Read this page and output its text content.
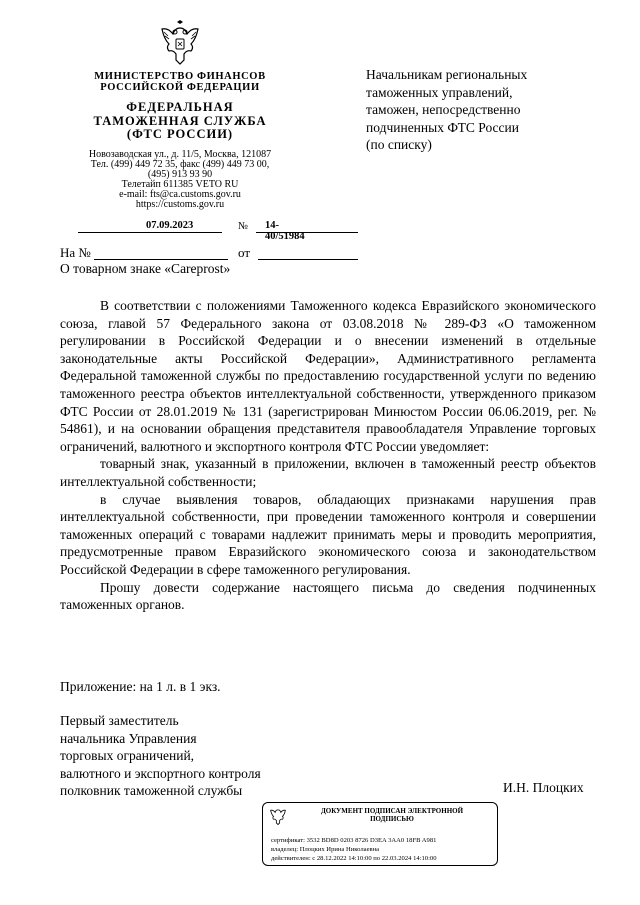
МИНИСТЕРСТВО ФИНАНСОВ
РОССИЙСКОЙ ФЕДЕРАЦИИ
ФЕДЕРАЛЬНАЯ
ТАМОЖЕННАЯ СЛУЖБА
(ФТС РОССИИ)
Новозаводская ул., д. 11/5, Москва, 121087
Тел. (499) 449 72 35, факс (499) 449 73 00,
(495) 913 93 90
Телетайп 611385 VETO RU
e-mail: fts@ca.customs.gov.ru
https://customs.gov.ru
07.09.2023	№ 14-40/51984
На №	от
О товарном знаке «Careprost»
Начальникам региональных
таможенных управлений,
таможен, непосредственно
подчиненных ФТС России
(по списку)

В соответствии с положениями Таможенного кодекса Евразийского экономического союза, главой 57 Федерального закона от 03.08.2018 № 289-ФЗ «О таможенном регулировании в Российской Федерации и о внесении изменений в отдельные законодательные акты Российской Федерации», Административного регламента Федеральной таможенной службы по предоставлению государственной услуги по ведению таможенного реестра объектов интеллектуальной собственности, утвержденного приказом ФТС России от 28.01.2019 № 131 (зарегистрирован Минюстом России 06.06.2019, рег. № 54861), и на основании обращения представителя правообладателя Управление торговых ограничений, валютного и экспортного контроля ФТС России уведомляет:

товарный знак, указанный в приложении, включен в таможенный реестр объектов интеллектуальной собственности;

в случае выявления товаров, обладающих признаками нарушения прав интеллектуальной собственности, при проведении таможенного контроля и совершении таможенных операций с товарами надлежит принимать меры и проводить мероприятия, предусмотренные правом Евразийского экономического союза и законодательством Российской Федерации в сфере таможенного регулирования.

Прошу довести содержание настоящего письма до сведения подчиненных таможенных органов.

Приложение: на 1 л. в 1 экз.
Первый заместитель
начальника Управления
торговых ограничений,
валютного и экспортного контроля
полковник таможенной службы	И.Н. Плоцких
ДОКУМЕНТ ПОДПИСАН ЭЛЕКТРОННОЙ
ПОДПИСЬЮ
сертификат: 3532 BD8D 0203 8726 D3EA 3AA0 18FB A981
владелец: Плоцких Ирина Николаевна
действителен: с 28.12.2022 14:10:00 по 22.03.2024 14:10:00
